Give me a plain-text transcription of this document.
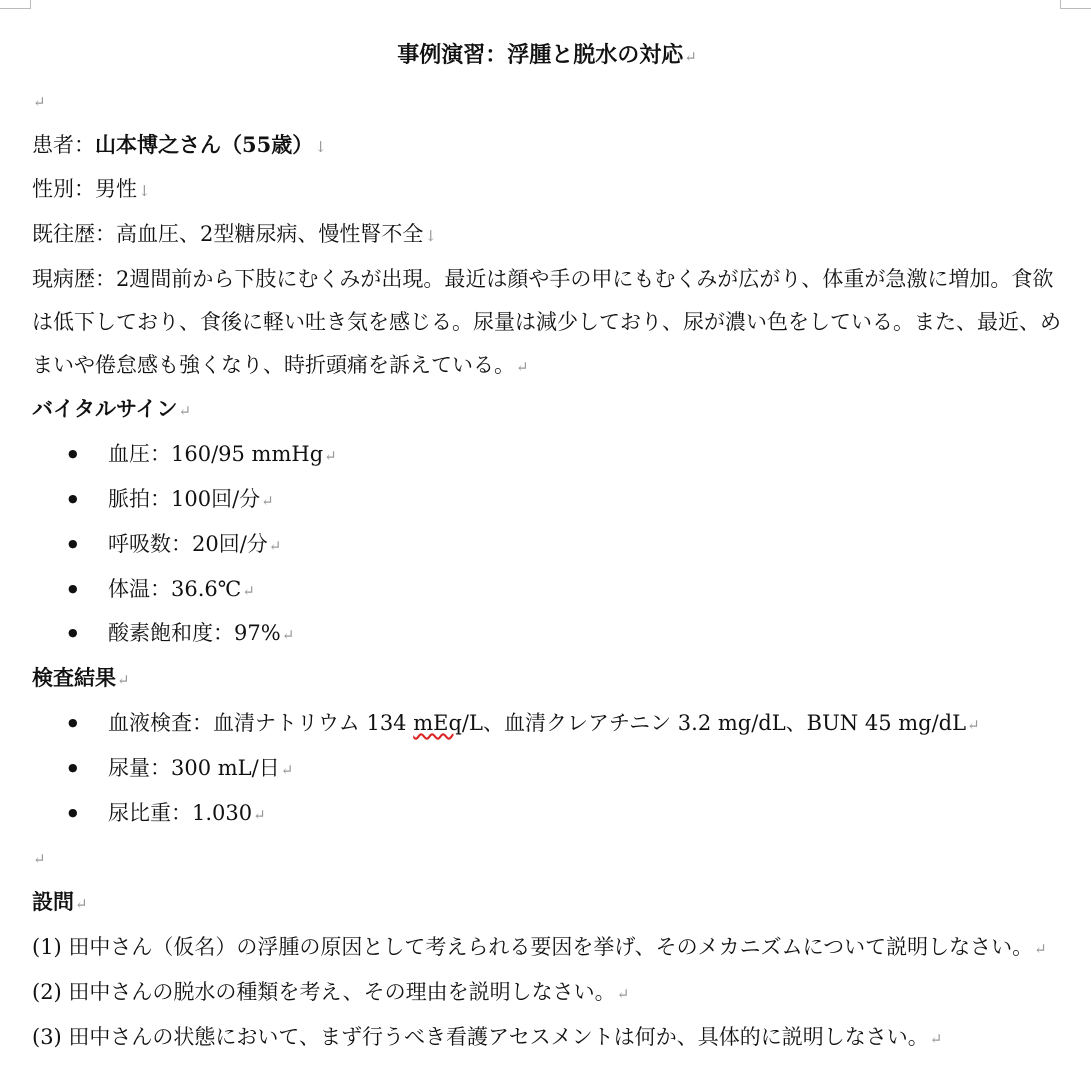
事例演習：浮腫と脱水の対応↵
↵
患者：山本博之さん（55歳）↓
性別：男性↓
既往歴：高血圧、2型糖尿病、慢性腎不全↓
現病歴：2週間前から下肢にむくみが出現。最近は顔や手の甲にもむくみが広がり、体重が急激に増加。食欲は低下しており、食後に軽い吐き気を感じる。尿量は減少しており、尿が濃い色をしている。また、最近、めまいや倦怠感も強くなり、時折頭痛を訴えている。↵
バイタルサイン↵
● 血圧：160/95 mmHg↵
● 脈拍：100回/分↵
● 呼吸数：20回/分↵
● 体温：36.6℃↵
● 酸素飽和度：97%↵
検査結果↵
● 血液検査：血清ナトリウム 134 mEq/L、血清クレアチニン 3.2 mg/dL、BUN 45 mg/dL↵
● 尿量：300 mL/日↵
● 尿比重：1.030↵
↵
設問↵
(1) 田中さん（仮名）の浮腫の原因として考えられる要因を挙げ、そのメカニズムについて説明しなさい。↵
(2) 田中さんの脱水の種類を考え、その理由を説明しなさい。↵
(3) 田中さんの状態において、まず行うべき看護アセスメントは何か、具体的に説明しなさい。↵
